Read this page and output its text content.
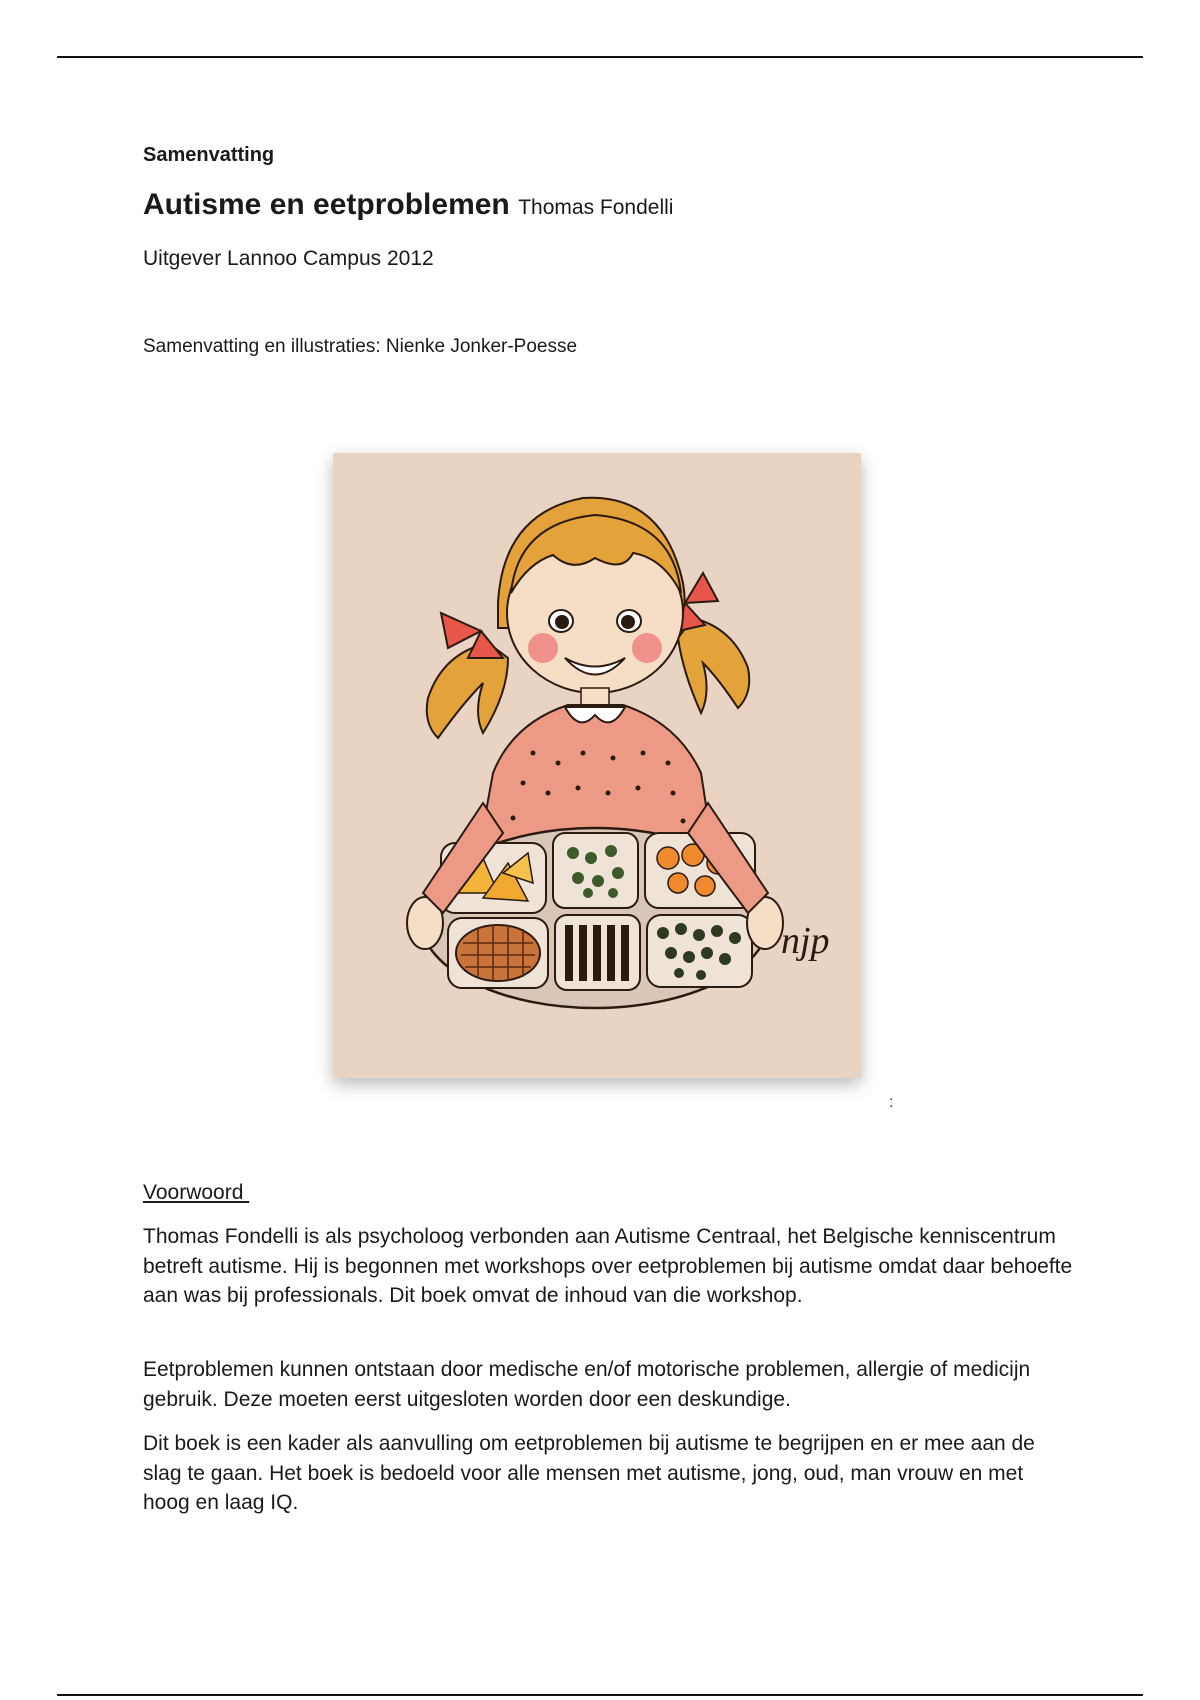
Samenvatting
Autisme en eetproblemen Thomas Fondelli
Uitgever Lannoo Campus 2012
Samenvatting en illustraties: Nienke Jonker-Poesse
Voorwoord

Thomas Fondelli is als psycholoog verbonden aan Autisme Centraal, het Belgische kenniscentrum betreft autisme. Hij is begonnen met workshops over eetproblemen bij autisme omdat daar behoefte aan was bij professionals. Dit boek omvat de inhoud van die workshop.

Eetproblemen kunnen ontstaan door medische en/of motorische problemen, allergie of medicijn gebruik. Deze moeten eerst uitgesloten worden door een deskundige.

Dit boek is een kader als aanvulling om eetproblemen bij autisme te begrijpen en er mee aan de slag te gaan. Het boek is bedoeld voor alle mensen met autisme, jong, oud, man vrouw en met hoog en laag IQ.

njp
:
